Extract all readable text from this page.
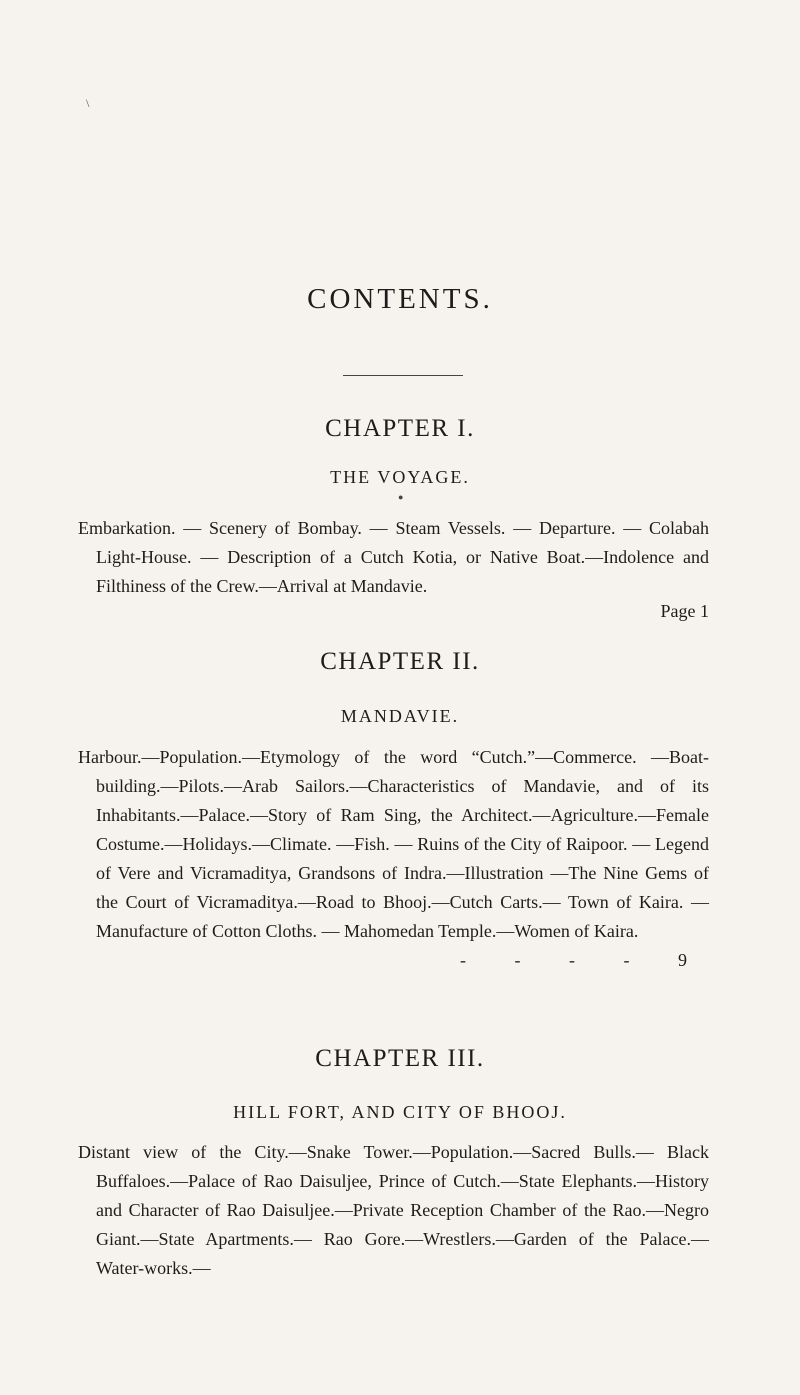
\
CONTENTS.
CHAPTER I.
THE VOYAGE.
●

Embarkation. — Scenery of Bombay. — Steam Vessels. — Departure. — Colabah Light-House. — Description of a Cutch Kotia, or Native Boat.—Indolence and Filthiness of the Crew.—Arrival at Mandavie.

Page 1

CHAPTER II.
MANDAVIE.

Harbour.—Population.—Etymology of the word “Cutch.”—Commerce. —Boat-building.—Pilots.—Arab Sailors.—Characteristics of Mandavie, and of its Inhabitants.—Palace.—Story of Ram Sing, the Architect.—Agriculture.—Female Costume.—Holidays.—Climate. —Fish. — Ruins of the City of Raipoor. — Legend of Vere and Vicramaditya, Grandsons of Indra.—Illustration —The Nine Gems of the Court of Vicramaditya.—Road to Bhooj.—Cutch Carts.— Town of Kaira. — Manufacture of Cotton Cloths. — Mahomedan Temple.—Women of Kaira.
- - - - 9

CHAPTER III.
HILL FORT, AND CITY OF BHOOJ.

Distant view of the City.—Snake Tower.—Population.—Sacred Bulls.— Black Buffaloes.—Palace of Rao Daisuljee, Prince of Cutch.—State Elephants.—History and Character of Rao Daisuljee.—Private Reception Chamber of the Rao.—Negro Giant.—State Apartments.— Rao Gore.—Wrestlers.—Garden of the Palace.—Water-works.—
